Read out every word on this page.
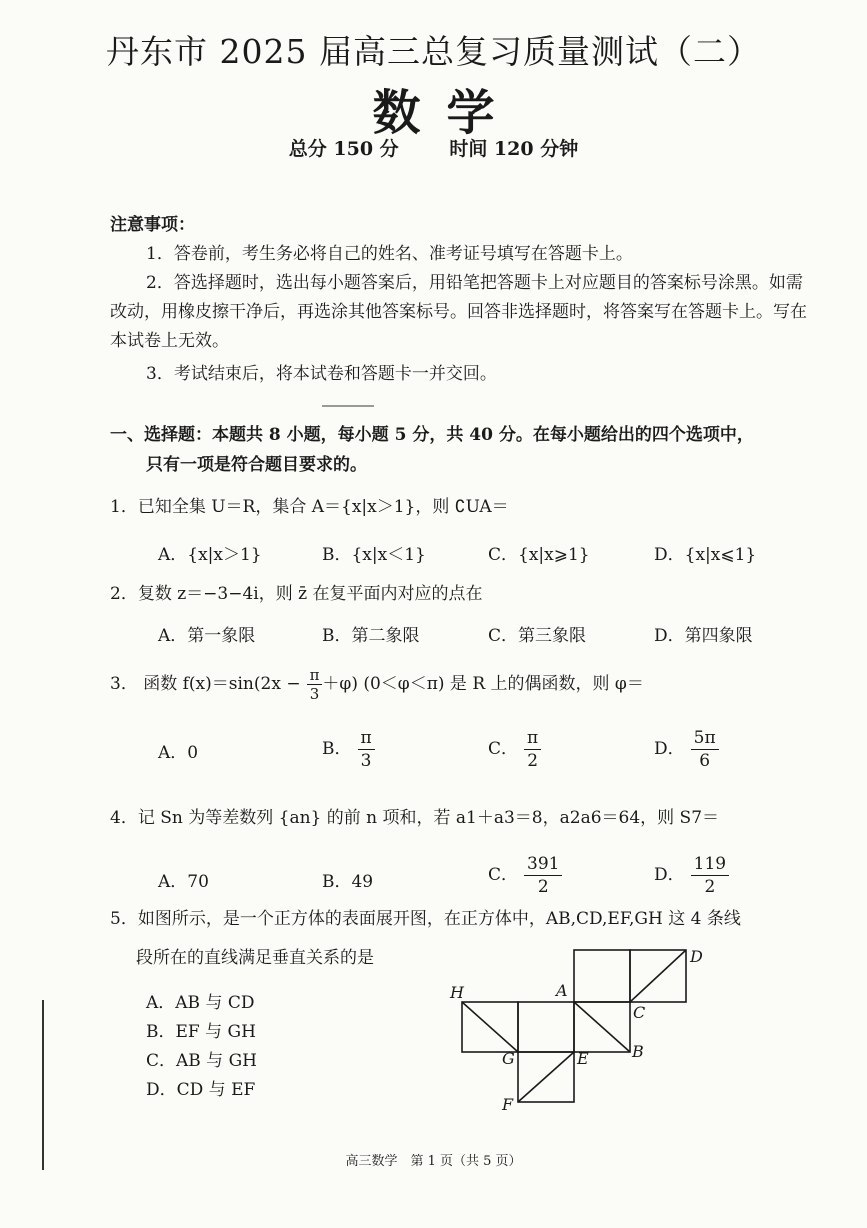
丹东市 2025 届高三总复习质量测试（二）
数学
总分 150 分	时间 120 分钟
注意事项：
1．答卷前，考生务必将自己的姓名、准考证号填写在答题卡上。
2．答选择题时，选出每小题答案后，用铅笔把答题卡上对应题目的答案标号涂黑。如需改动，用橡皮擦干净后，再选涂其他答案标号。回答非选择题时，将答案写在答题卡上。写在本试卷上无效。
3．考试结束后，将本试卷和答题卡一并交回。
一、选择题：本题共 8 小题，每小题 5 分，共 40 分。在每小题给出的四个选项中，
只有一项是符合题目要求的。
1．已知全集 U＝R，集合 A＝{x|x＞1}，则 ∁UA＝
A．{x|x＞1}	B．{x|x＜1}	C．{x|x⩾1}	D．{x|x⩽1}
2．复数 z＝−3−4i，则 z̄ 在复平面内对应的点在
A．第一象限	B．第二象限	C．第三象限	D．第四象限
3． 函数 $f(x)=\sin(2x - \frac{\pi}{3} +\varphi)$ (0＜φ＜π) 是 R 上的偶函数，则 φ＝
A．0	B． $\frac{\pi}{3}$	C． $\frac{\pi}{2}$	D． $\frac{5\pi}{6}$
4．记 Sn 为等差数列 {an} 的前 n 项和，若 a1＋a3＝8，a2a6＝64，则 S7＝
A．70	B．49	C． $\frac{391}{2}$	D． $\frac{119}{2}$
5．如图所示，是一个正方体的表面展开图，在正方体中，AB,CD,EF,GH 这 4 条线
段所在的直线满足垂直关系的是
A．AB 与 CD
B．EF 与 GH
C．AB 与 GH
D．CD 与 EF
D
A
H
C
B
G	E
F
高三数学　第 1 页（共 5 页）
